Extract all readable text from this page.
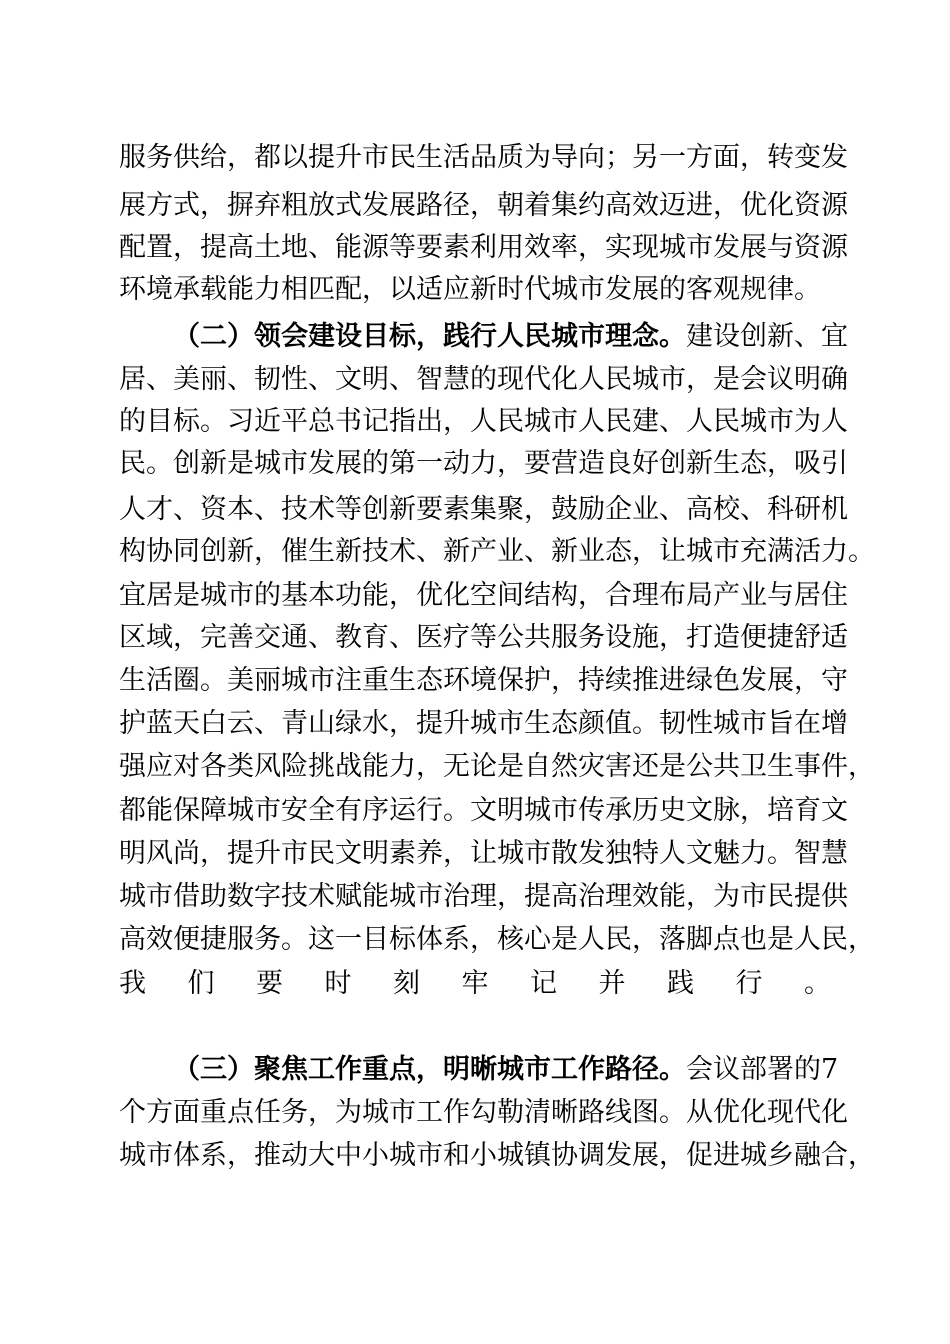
服务供给，都以提升市民生活品质为导向；另一方面，转变发
展方式，摒弃粗放式发展路径，朝着集约高效迈进，优化资源
配置，提高土地、能源等要素利用效率，实现城市发展与资源
环境承载能力相匹配，以适应新时代城市发展的客观规律。
（二）领会建设目标，践行人民城市理念。建设创新、宜
居、美丽、韧性、文明、智慧的现代化人民城市，是会议明确
的目标。习近平总书记指出，人民城市人民建、人民城市为人
民。创新是城市发展的第一动力，要营造良好创新生态，吸引
人才、资本、技术等创新要素集聚，鼓励企业、高校、科研机
构协同创新，催生新技术、新产业、新业态，让城市充满活力。
宜居是城市的基本功能，优化空间结构，合理布局产业与居住
区域，完善交通、教育、医疗等公共服务设施，打造便捷舒适
生活圈。美丽城市注重生态环境保护，持续推进绿色发展，守
护蓝天白云、青山绿水，提升城市生态颜值。韧性城市旨在增
强应对各类风险挑战能力，无论是自然灾害还是公共卫生事件，
都能保障城市安全有序运行。文明城市传承历史文脉，培育文
明风尚，提升市民文明素养，让城市散发独特人文魅力。智慧
城市借助数字技术赋能城市治理，提高治理效能，为市民提供
高效便捷服务。这一目标体系，核心是人民，落脚点也是人民，
我们要时刻牢记并践行。
（三）聚焦工作重点，明晰城市工作路径。会议部署的7
个方面重点任务，为城市工作勾勒清晰路线图。从优化现代化
城市体系，推动大中小城市和小城镇协调发展，促进城乡融合，
